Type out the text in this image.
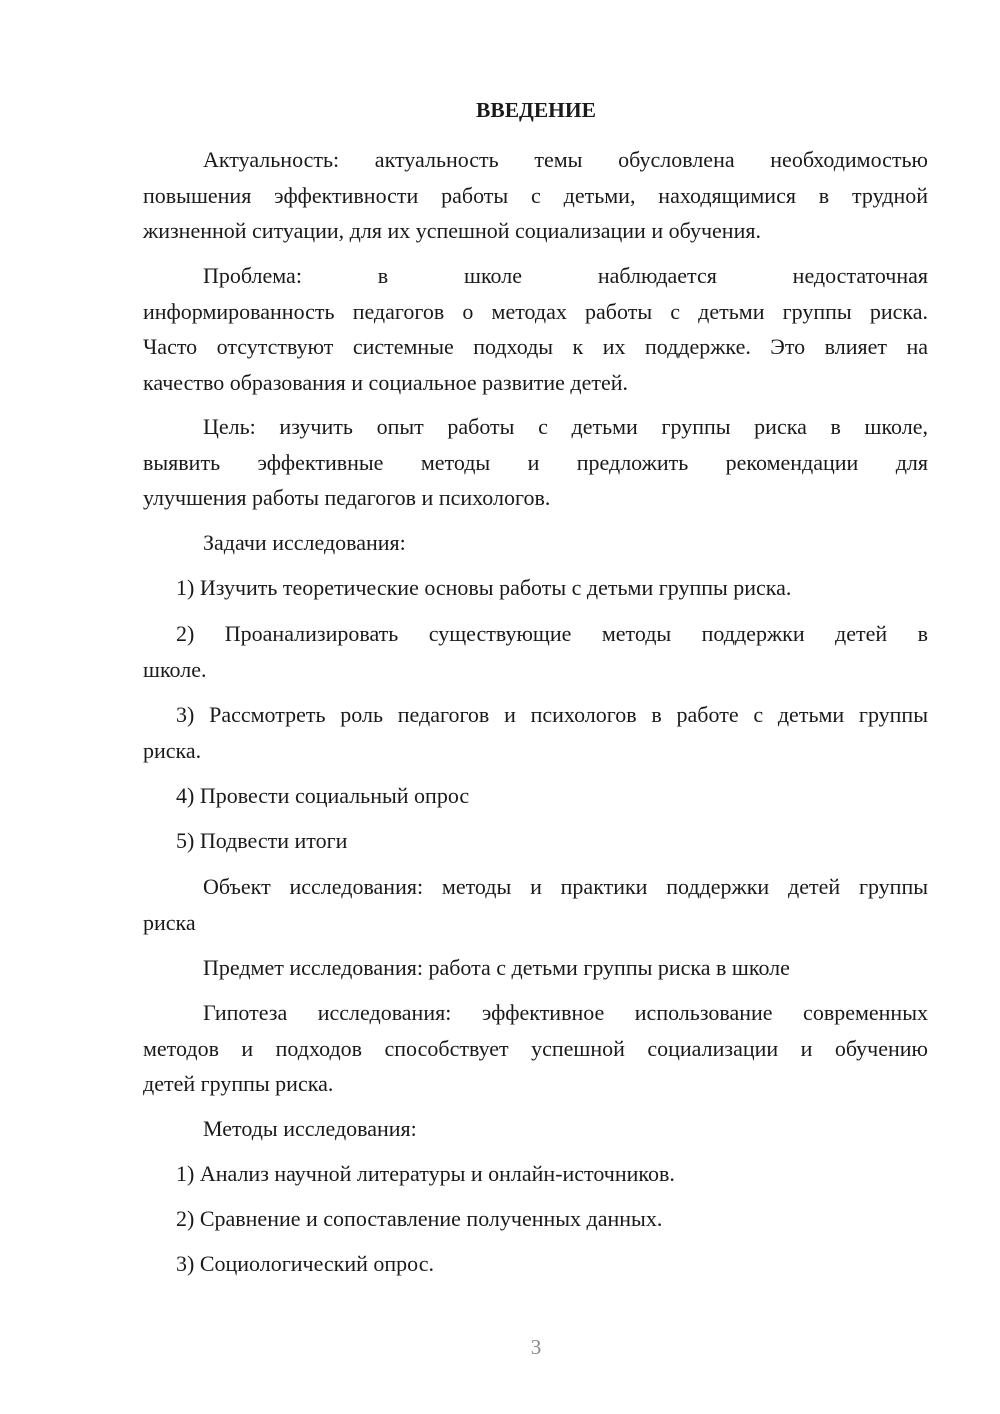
ВВЕДЕНИЕ
Актуальность: актуальность темы обусловлена необходимостью
повышения эффективности работы с детьми, находящимися в трудной
жизненной ситуации, для их успешной социализации и обучения.
Проблема: в школе наблюдается недостаточная
информированность педагогов о методах работы с детьми группы риска.
Часто отсутствуют системные подходы к их поддержке. Это влияет на
качество образования и социальное развитие детей.
Цель: изучить опыт работы с детьми группы риска в школе,
выявить эффективные методы и предложить рекомендации для
улучшения работы педагогов и психологов.
Задачи исследования:
1) Изучить теоретические основы работы с детьми группы риска.
2) Проанализировать существующие методы поддержки детей в
школе.
3) Рассмотреть роль педагогов и психологов в работе с детьми группы
риска.
4) Провести социальный опрос
5) Подвести итоги
Объект исследования: методы и практики поддержки детей группы
риска
Предмет исследования: работа с детьми группы риска в школе
Гипотеза исследования: эффективное использование современных
методов и подходов способствует успешной социализации и обучению
детей группы риска.
Методы исследования:
1) Анализ научной литературы и онлайн-источников.
2) Сравнение и сопоставление полученных данных.
3) Социологический опрос.
3
